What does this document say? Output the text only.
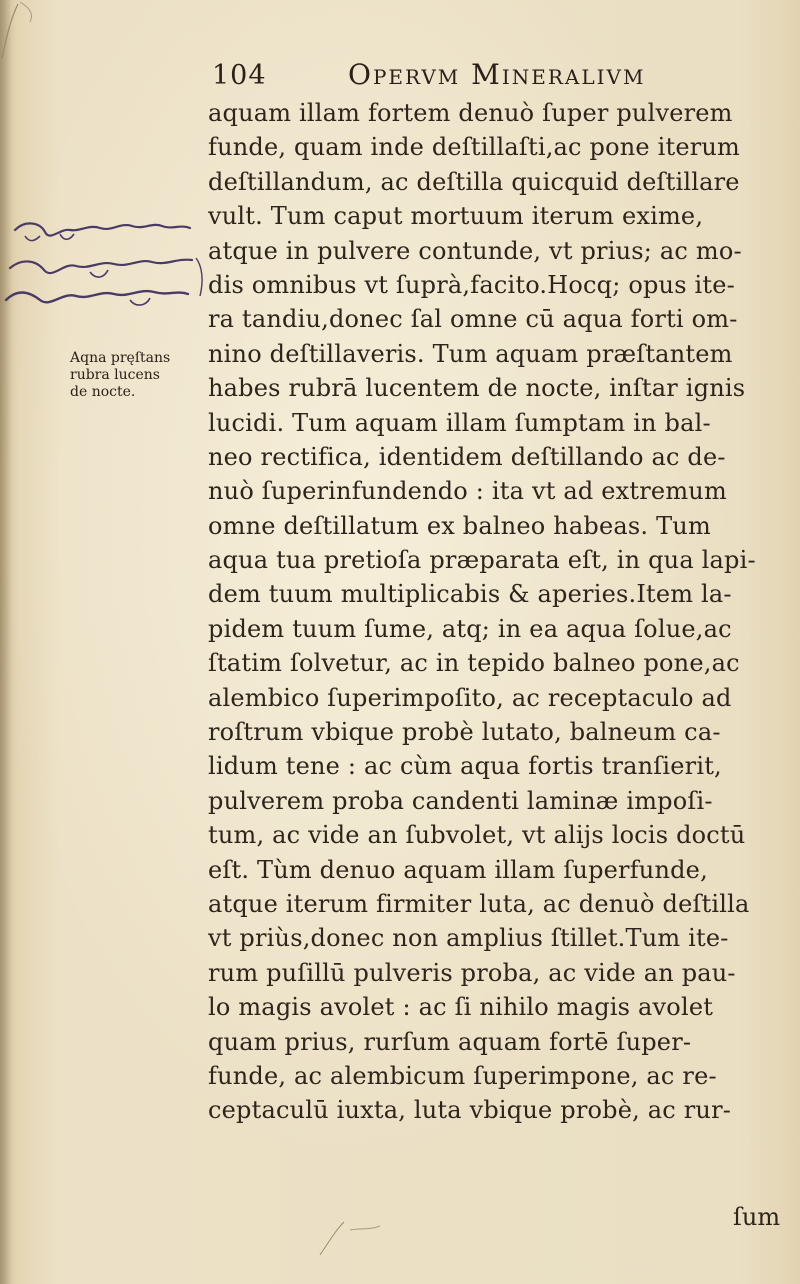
104	Opervm Mineralivm
Aqna pręſtans
rubra lucens
de nocte.
aquam illam fortem denuò ſuper pulverem
funde, quam inde deſtillaſti,ac pone iterum
deſtillandum, ac deſtilla quicquid deſtillare
vult. Tum caput mortuum iterum exime,
atque in pulvere contunde, vt prius; ac mo-
dis omnibus vt ſuprà,facito.Hocq; opus ite-
ra tandiu,donec ſal omne cū aqua forti om-
nino deſtillaveris. Tum aquam præſtantem
habes rubrā lucentem de nocte, inſtar ignis
lucidi. Tum aquam illam ſumptam in bal-
neo rectifica, identidem deſtillando ac de-
nuò ſuperinfundendo : ita vt ad extremum
omne deſtillatum ex balneo habeas. Tum
aqua tua pretioſa præparata eſt, in qua lapi-
dem tuum multiplicabis & aperies.Item la-
pidem tuum ſume, atq; in ea aqua ſolue,ac
ſtatim ſolvetur, ac in tepido balneo pone,ac
alembico ſuperimpoſito, ac receptaculo ad
roſtrum vbique probè lutato, balneum ca-
lidum tene : ac cùm aqua fortis tranſierit,
pulverem proba candenti laminæ impoſi-
tum, ac vide an ſubvolet, vt alijs locis doctū
eſt. Tùm denuo aquam illam ſuperfunde,
atque iterum firmiter luta, ac denuò deſtilla
vt priùs,donec non amplius ſtillet.Tum ite-
rum puſillū pulveris proba, ac vide an pau-
lo magis avolet : ac ſi nihilo magis avolet
quam prius, rurſum aquam fortē ſuper-
funde, ac alembicum ſuperimpone, ac re-
ceptaculū iuxta, luta vbique probè, ac rur-
ſum
